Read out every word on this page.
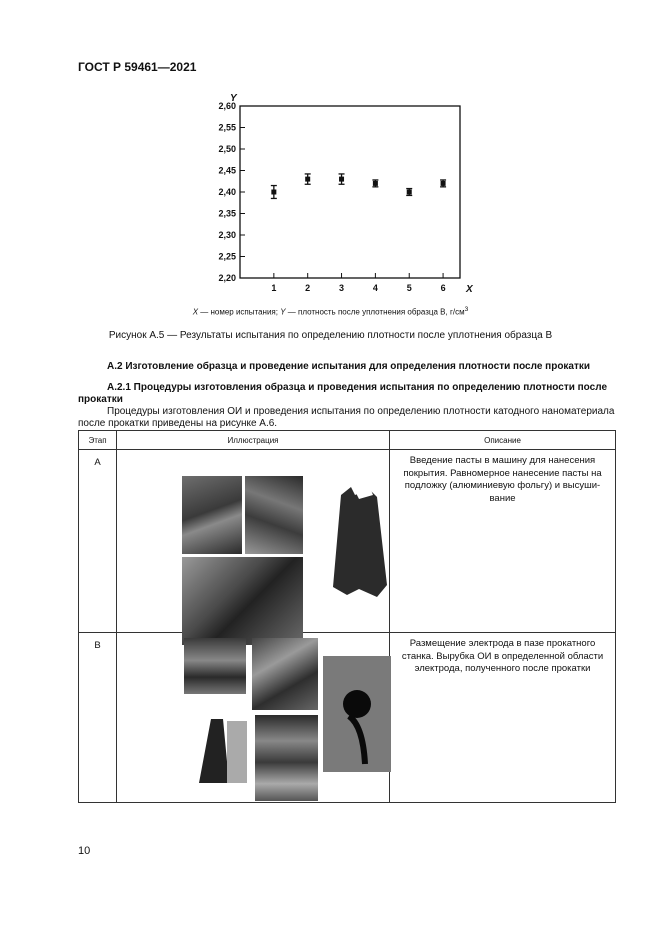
ГОСТ Р 59461—2021
2,20
2,25
2,30
2,35
2,40
2,45
2,50
2,55
2,60
1	2	3	4	5	6
Y
X
X — номер испытания; Y — плотность после уплотнения образца В, $г/см^3$
Рисунок А.5 — Результаты испытания по определению плотности после уплотнения образца В
А.2 Изготовление образца и проведение испытания для определения плотности после прокатки
А.2.1 Процедуры изготовления образца и проведения испытания по определению плотности после прокатки
Процедуры изготовления ОИ и проведения испытания по определению плотности катодного наноматериала после прокатки приведены на рисунке А.6.
Этап	Иллюстрация	Описание
А		Введение пасты в машину для нанесения покрытия. Равномерное нанесение пасты на подложку (алюминиевую фольгу) и высуши-вание
В		Размещение электрода в пазе прокатного станка. Вырубка ОИ в определенной области электрода, полученного после прокатки
10
